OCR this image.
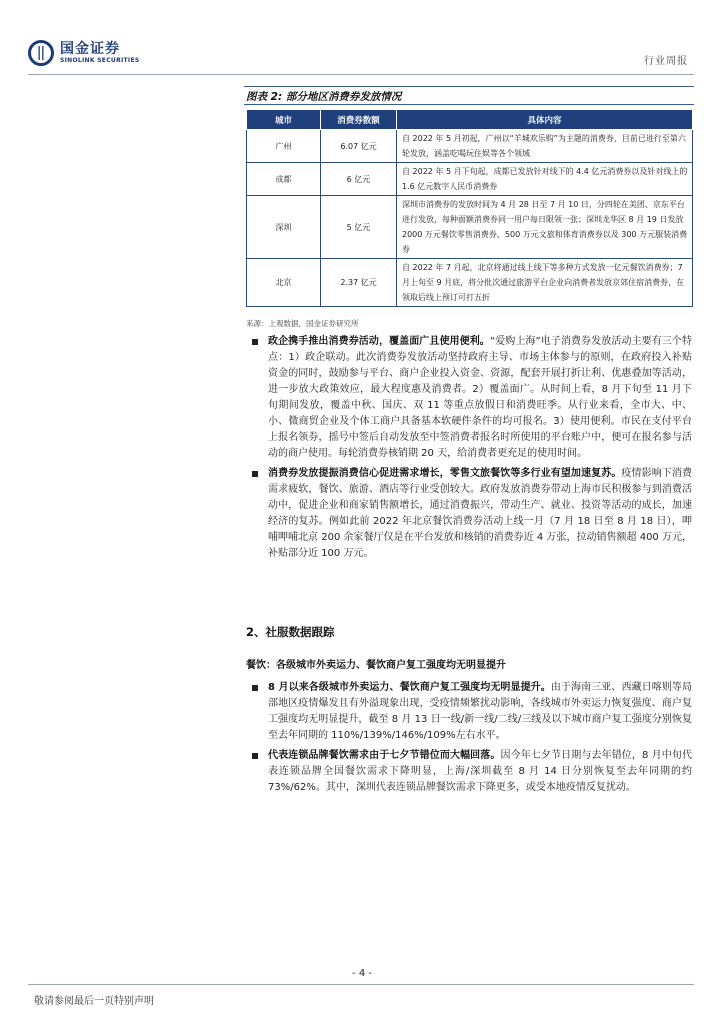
国金证券
SINOLINK SECURITIES	行业周报
图表 2: 部分地区消费券发放情况
城市	消费券数额	具体内容
广州	6.07 亿元	自 2022 年 5 月初起，广州以“羊城欢乐购”为主题的消费券，目前已进行至第六轮发放，涵盖吃喝玩住娱等各个领域
成都	6 亿元	自 2022 年 5 月下旬起，成都已发放针对线下的 4.4 亿元消费券以及针对线上的 1.6 亿元数字人民币消费券
深圳	5 亿元	深圳市消费券的发放时间为 4 月 28 日至 7 月 10 日，分四轮在美团、京东平台进行发放，每种面额消费券同一用户每日限领一张；深圳龙华区 8 月 19 日发放 2000 万元餐饮零售消费券、500 万元文旅和体育消费券以及 300 万元服装消费券
北京	2.37 亿元	自 2022 年 7 月起，北京将通过线上线下等多种方式发放一亿元餐饮消费券；7 月上旬至 9 月底，将分批次通过旅游平台企业向消费者发放京郊住宿消费券，在领取后线上预订可打五折
来源：上观数据，国金证券研究所

政企携手推出消费券活动，覆盖面广且使用便利。“爱购上海”电子消费券发放活动主要有三个特点：1）政企联动。此次消费券发放活动坚持政府主导、市场主体参与的原则，在政府投入补贴资金的同时，鼓励参与平台、商户企业投入资金、资源，配套开展打折让利、优惠叠加等活动，进一步放大政策效应，最大程度惠及消费者。2）覆盖面广。从时间上看，8 月下旬至 11 月下旬期间发放，覆盖中秋、国庆、双 11 等重点放假日和消费旺季。从行业来看，全市大、中、小、微商贸企业及个体工商户具备基本软硬件条件的均可报名。3）使用便利。市民在支付平台上报名领券，摇号中签后自动发放至中签消费者报名时所使用的平台账户中，便可在报名参与活动的商户使用。每轮消费券核销期 20 天，给消费者更充足的使用时间。

消费券发放提振消费信心促进需求增长，零售文旅餐饮等多行业有望加速复苏。疫情影响下消费需求疲软，餐饮、旅游、酒店等行业受创较大。政府发放消费券带动上海市民积极参与到消费活动中，促进企业和商家销售额增长，通过消费振兴，带动生产、就业、投资等活动的成长，加速经济的复苏。例如此前 2022 年北京餐饮消费券活动上线一月（7 月 18 日至 8 月 18 日），呷哺呷哺北京 200 余家餐厅仅是在平台发放和核销的消费券近 4 万张，拉动销售额超 400 万元，补贴部分近 100 万元。

2、社服数据跟踪
餐饮：各级城市外卖运力、餐饮商户复工强度均无明显提升

8 月以来各级城市外卖运力、餐饮商户复工强度均无明显提升。由于海南三亚、西藏日喀则等局部地区疫情爆发且有外溢现象出现，受疫情频繁扰动影响，各线城市外卖运力恢复强度、商户复工强度均无明显提升，截至 8 月 13 日一线/新一线/二线/三线及以下城市商户复工强度分别恢复至去年同期的 110%/139%/146%/109%左右水平。

代表连锁品牌餐饮需求由于七夕节错位而大幅回落。因今年七夕节日期与去年错位，8 月中旬代表连锁品牌全国餐饮需求下降明显，上海/深圳截至 8 月 14 日分别恢复至去年同期的约 73%/62%。其中，深圳代表连锁品牌餐饮需求下降更多，或受本地疫情反复扰动。

- 4 -
敬请参阅最后一页特别声明
